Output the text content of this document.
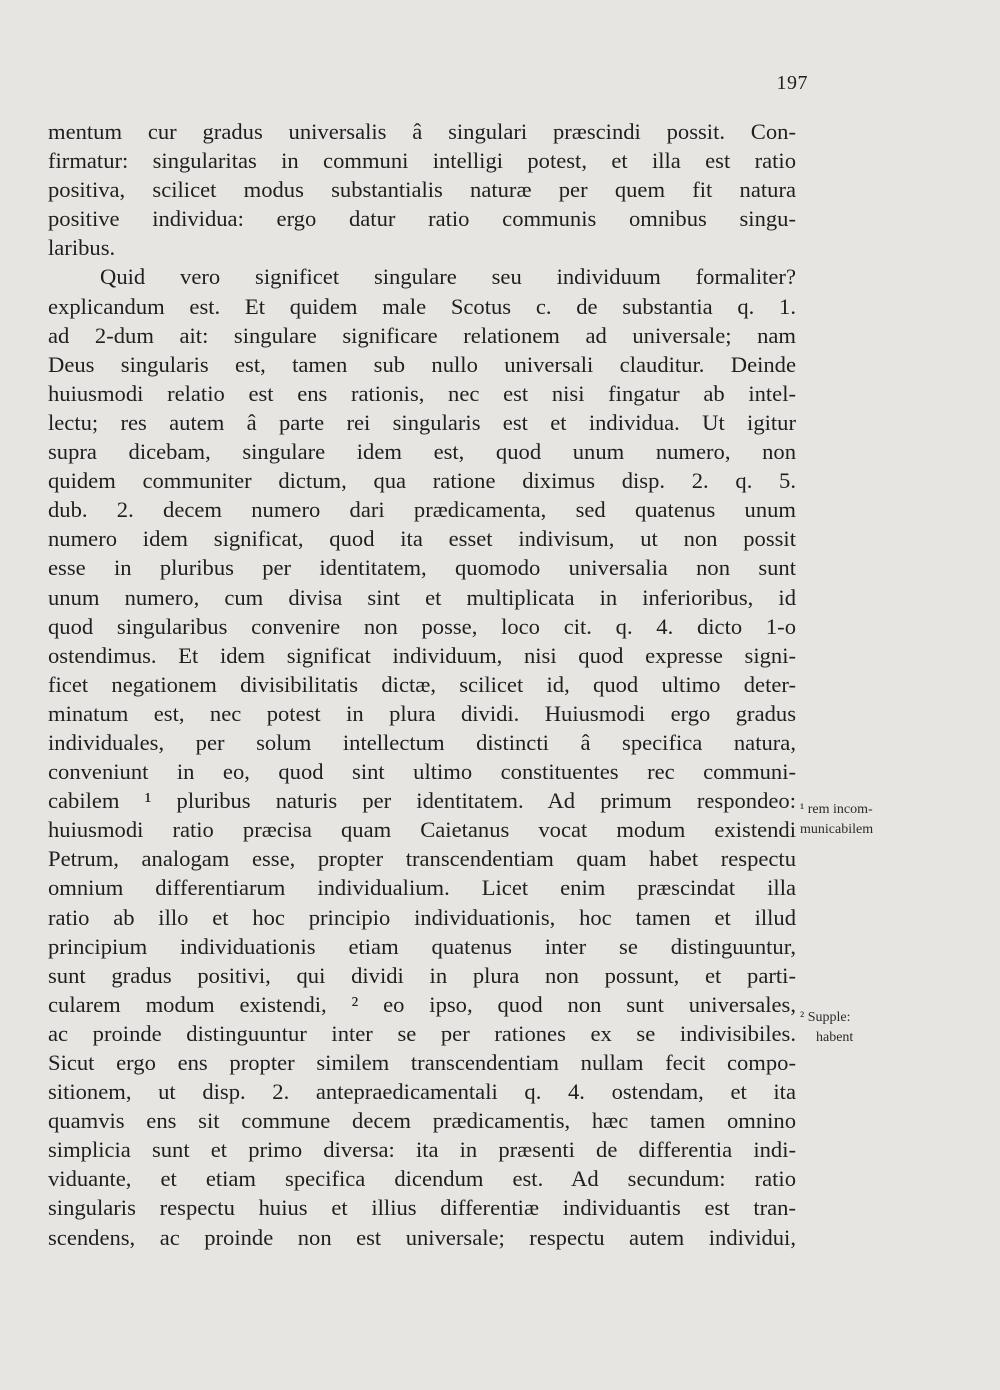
197
mentum cur gradus universalis â singulari præscindi possit. Con-
firmatur: singularitas in communi intelligi potest, et illa est ratio
positiva, scilicet modus substantialis naturæ per quem fit natura
positive individua: ergo datur ratio communis omnibus singu-
laribus.
Quid vero significet singulare seu individuum formaliter?
explicandum est. Et quidem male Scotus c. de substantia q. 1.
ad 2-dum ait: singulare significare relationem ad universale; nam
Deus singularis est, tamen sub nullo universali clauditur. Deinde
huiusmodi relatio est ens rationis, nec est nisi fingatur ab intel-
lectu; res autem â parte rei singularis est et individua. Ut igitur
supra dicebam, singulare idem est, quod unum numero, non
quidem communiter dictum, qua ratione diximus disp. 2. q. 5.
dub. 2. decem numero dari prædicamenta, sed quatenus unum
numero idem significat, quod ita esset indivisum, ut non possit
esse in pluribus per identitatem, quomodo universalia non sunt
unum numero, cum divisa sint et multiplicata in inferioribus, id
quod singularibus convenire non posse, loco cit. q. 4. dicto 1-o
ostendimus. Et idem significat individuum, nisi quod expresse signi-
ficet negationem divisibilitatis dictæ, scilicet id, quod ultimo deter-
minatum est, nec potest in plura dividi. Huiusmodi ergo gradus
individuales, per solum intellectum distincti â specifica natura,
conveniunt in eo, quod sint ultimo constituentes rec communi-
cabilem ¹ pluribus naturis per identitatem. Ad primum respondeo:
huiusmodi ratio præcisa quam Caietanus vocat modum existendi
Petrum, analogam esse, propter transcendentiam quam habet respectu
omnium differentiarum individualium. Licet enim præscindat illa
ratio ab illo et hoc principio individuationis, hoc tamen et illud
principium individuationis etiam quatenus inter se distinguuntur,
sunt gradus positivi, qui dividi in plura non possunt, et parti-
cularem modum existendi, ² eo ipso, quod non sunt universales,
ac proinde distinguuntur inter se per rationes ex se indivisibiles.
Sicut ergo ens propter similem transcendentiam nullam fecit compo-
sitionem, ut disp. 2. antepraedicamentali q. 4. ostendam, et ita
quamvis ens sit commune decem prædicamentis, hæc tamen omnino
simplicia sunt et primo diversa: ita in præsenti de differentia indi-
viduante, et etiam specifica dicendum est. Ad secundum: ratio
singularis respectu huius et illius differentiæ individuantis est tran-
scendens, ac proinde non est universale; respectu autem individui,
¹ rem incom-
municabilem
² Supple:
habent
